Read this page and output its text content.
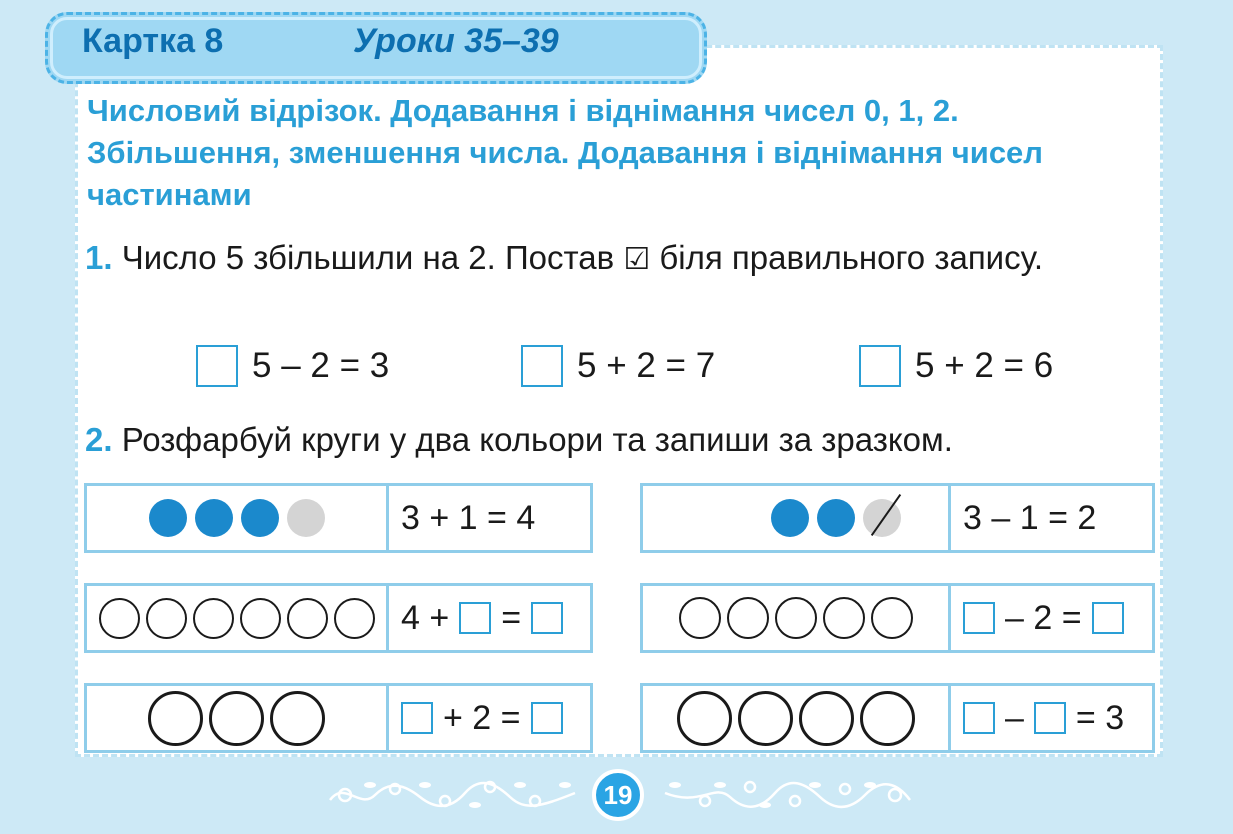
Картка 8	Уроки 35–39
Числовий відрізок. Додавання і віднімання чисел 0, 1, 2. Збільшення, зменшення числа. Додавання і віднімання чисел частинами
1. Число 5 збільшили на 2. Постав ☑ біля правильного запису.
5 – 2 = 3	5 + 2 = 7	5 + 2 = 6
2. Розфарбуй круги у два кольори та запиши за зразком.
3 + 1 = 4	3 – 1 = 2
4 + =	– 2 =
+ 2 =	– = 3
19
